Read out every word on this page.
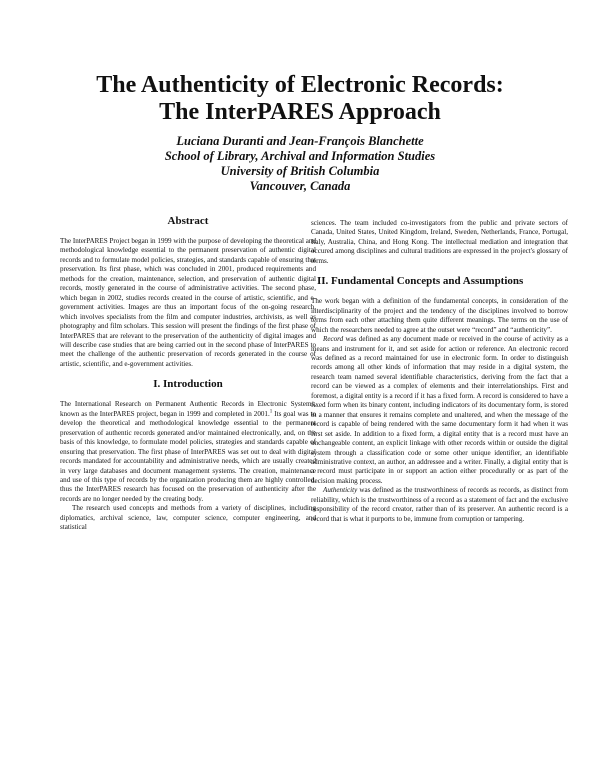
The Authenticity of Electronic Records:
The InterPARES Approach
Luciana Duranti and Jean-François Blanchette
School of Library, Archival and Information Studies
University of British Columbia
Vancouver, Canada
Abstract

The InterPARES Project began in 1999 with the purpose of developing the theoretical and methodological knowledge essential to the permanent preservation of authentic digital records and to formulate model policies, strategies, and standards capable of ensuring that preservation. Its first phase, which was concluded in 2001, produced requirements and methods for the creation, maintenance, selection, and preservation of authentic digital records, mostly generated in the course of administrative activities. The second phase, which began in 2002, studies records created in the course of artistic, scientific, and e-government activities. Images are thus an important focus of the on-going research, which involves specialists from the film and computer industries, archivists, as well as photography and film scholars. This session will present the findings of the first phase of InterPARES that are relevant to the preservation of the authenticity of digital images and will describe case studies that are being carried out in the second phase of InterPARES to meet the challenge of the authentic preservation of records generated in the course of artistic, scientific, and e-government activities.

I. Introduction

The International Research on Permanent Authentic Records in Electronic Systems, known as the InterPARES project, began in 1999 and completed in 2001.$^1$ Its goal was to develop the theoretical and methodological knowledge essential to the permanent preservation of authentic records generated and/or maintained electronically, and, on the basis of this knowledge, to formulate model policies, strategies and standards capable of ensuring that preservation. The first phase of InterPARES was set out to deal with digital records mandated for accountability and administrative needs, which are usually created in very large databases and document management systems. The creation, maintenance and use of this type of records by the organization producing them are highly controlled, thus the InterPARES research has focused on the preservation of authenticity after the records are no longer needed by the creating body.

The research used concepts and methods from a variety of disciplines, including diplomatics, archival science, law, computer science, computer engineering, and statistical

sciences. The team included co-investigators from the public and private sectors of Canada, United States, United Kingdom, Ireland, Sweden, Netherlands, France, Portugal, Italy, Australia, China, and Hong Kong. The intellectual mediation and integration that occured among disciplines and cultural traditions are expressed in the project's glossary of terms.

II. Fundamental Concepts and Assumptions

The work began with a definition of the fundamental concepts, in consideration of the interdisciplinarity of the project and the tendency of the disciplines involved to borrow terms from each other attaching them quite different meanings. The terms on the use of which the researchers needed to agree at the outset were “record” and “authenticity”.

Record was defined as any document made or received in the course of activity as a means and instrument for it, and set aside for action or reference. An electronic record was defined as a record maintained for use in electronic form. In order to distinguish records among all other kinds of information that may reside in a digital system, the research team named several identifiable characteristics, deriving from the fact that a record can be viewed as a complex of elements and their interrelationships. First and foremost, a digital entity is a record if it has a fixed form. A record is considered to have a fixed form when its binary content, including indicators of its documentary form, is stored in a manner that ensures it remains complete and unaltered, and when the message of the record is capable of being rendered with the same documentary form it had when it was first set aside. In addition to a fixed form, a digital entity that is a record must have an unchangeable content, an explicit linkage with other records within or outside the digital system through a classification code or some other unique identifier, an identifiable administrative context, an author, an addressee and a writer. Finally, a digital entity that is a record must participate in or support an action either procedurally or as part of the decision making process.

Authenticity was defined as the trustworthiness of records as records, as distinct from reliability, which is the trustworthiness of a record as a statement of fact and the exclusive responsibility of the record creator, rather than of its preserver. An authentic record is a record that is what it purports to be, immune from corruption or tampering.
